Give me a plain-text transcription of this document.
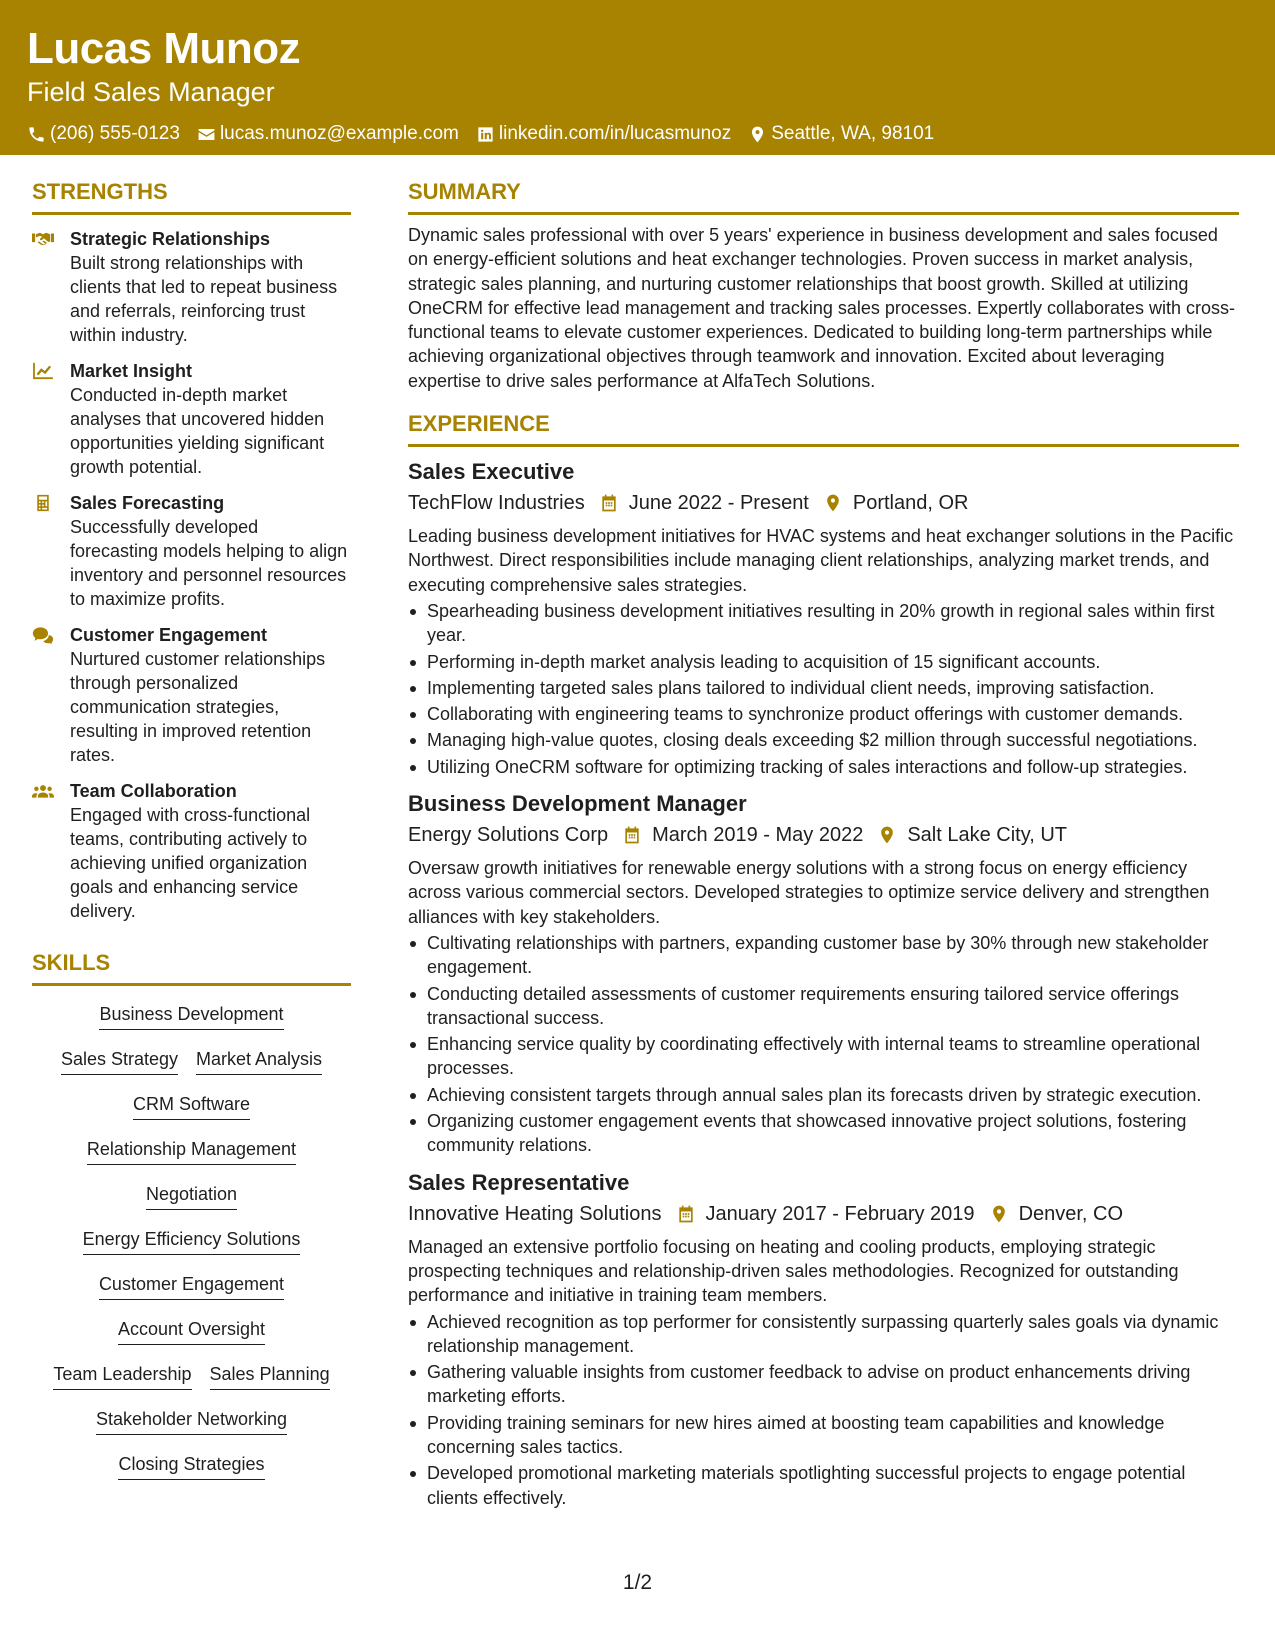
Lucas Munoz
Field Sales Manager
(206) 555-0123 lucas.munoz@example.com linkedin.com/in/lucasmunoz Seattle, WA, 98101
STRENGTHS
Strategic Relationships
Built strong relationships with clients that led to repeat business and referrals, reinforcing trust within industry.
Market Insight
Conducted in-depth market analyses that uncovered hidden opportunities yielding significant growth potential.
Sales Forecasting
Successfully developed forecasting models helping to align inventory and personnel resources to maximize profits.
Customer Engagement
Nurtured customer relationships through personalized communication strategies, resulting in improved retention rates.
Team Collaboration
Engaged with cross-functional teams, contributing actively to achieving unified organization goals and enhancing service delivery.
SKILLS
Business Development
Sales Strategy Market Analysis
CRM Software
Relationship Management
Negotiation
Energy Efficiency Solutions
Customer Engagement
Account Oversight
Team Leadership Sales Planning
Stakeholder Networking
Closing Strategies
SUMMARY
Dynamic sales professional with over 5 years' experience in business development and sales focused on energy-efficient solutions and heat exchanger technologies. Proven success in market analysis, strategic sales planning, and nurturing customer relationships that boost growth. Skilled at utilizing OneCRM for effective lead management and tracking sales processes. Expertly collaborates with cross-functional teams to elevate customer experiences. Dedicated to building long-term partnerships while achieving organizational objectives through teamwork and innovation. Excited about leveraging expertise to drive sales performance at AlfaTech Solutions.
EXPERIENCE
Sales Executive
TechFlow Industries June 2022 - Present Portland, OR
Leading business development initiatives for HVAC systems and heat exchanger solutions in the Pacific Northwest. Direct responsibilities include managing client relationships, analyzing market trends, and executing comprehensive sales strategies.
Spearheading business development initiatives resulting in 20% growth in regional sales within first year.
Performing in-depth market analysis leading to acquisition of 15 significant accounts.
Implementing targeted sales plans tailored to individual client needs, improving satisfaction.
Collaborating with engineering teams to synchronize product offerings with customer demands.
Managing high-value quotes, closing deals exceeding $2 million through successful negotiations.
Utilizing OneCRM software for optimizing tracking of sales interactions and follow-up strategies.
Business Development Manager
Energy Solutions Corp March 2019 - May 2022 Salt Lake City, UT
Oversaw growth initiatives for renewable energy solutions with a strong focus on energy efficiency across various commercial sectors. Developed strategies to optimize service delivery and strengthen alliances with key stakeholders.
Cultivating relationships with partners, expanding customer base by 30% through new stakeholder engagement.
Conducting detailed assessments of customer requirements ensuring tailored service offerings transactional success.
Enhancing service quality by coordinating effectively with internal teams to streamline operational processes.
Achieving consistent targets through annual sales plan its forecasts driven by strategic execution.
Organizing customer engagement events that showcased innovative project solutions, fostering community relations.
Sales Representative
Innovative Heating Solutions January 2017 - February 2019 Denver, CO
Managed an extensive portfolio focusing on heating and cooling products, employing strategic prospecting techniques and relationship-driven sales methodologies. Recognized for outstanding performance and initiative in training team members.
Achieved recognition as top performer for consistently surpassing quarterly sales goals via dynamic relationship management.
Gathering valuable insights from customer feedback to advise on product enhancements driving marketing efforts.
Providing training seminars for new hires aimed at boosting team capabilities and knowledge concerning sales tactics.
Developed promotional marketing materials spotlighting successful projects to engage potential clients effectively.
1/2
